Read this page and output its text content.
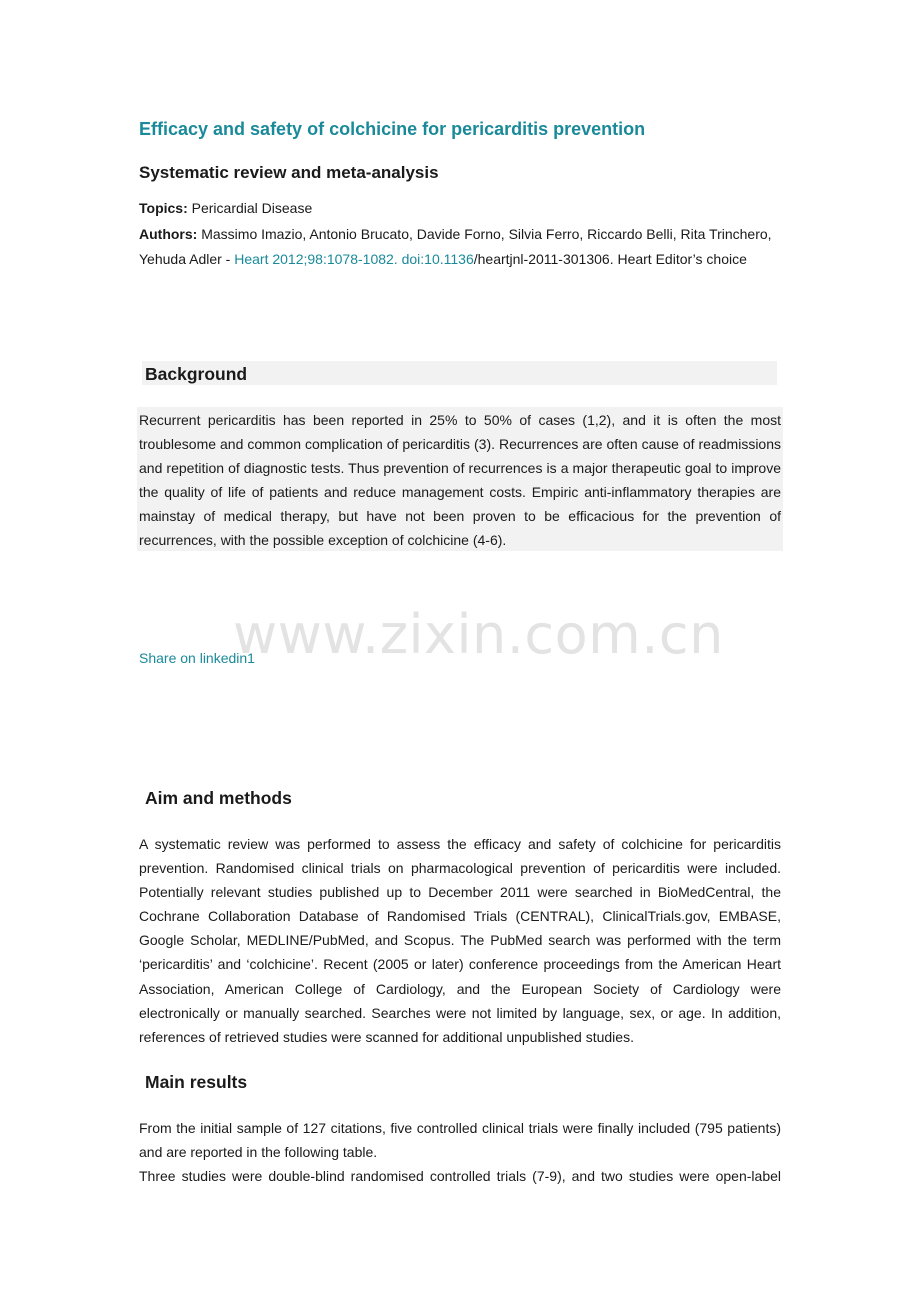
Efficacy and safety of colchicine for pericarditis prevention
Systematic review and meta-analysis
Topics: Pericardial Disease
Authors: Massimo Imazio, Antonio Brucato, Davide Forno, Silvia Ferro, Riccardo Belli, Rita Trinchero, Yehuda Adler - Heart 2012;98:1078-1082. doi:10.1136/heartjnl-2011-301306. Heart Editor’s choice
Background
Recurrent pericarditis has been reported in 25% to 50% of cases (1,2), and it is often the most troublesome and common complication of pericarditis (3). Recurrences are often cause of readmissions and repetition of diagnostic tests. Thus prevention of recurrences is a major therapeutic goal to improve the quality of life of patients and reduce management costs. Empiric anti-inflammatory therapies are mainstay of medical therapy, but have not been proven to be efficacious for the prevention of recurrences, with the possible exception of colchicine (4-6).
www.zixin.com.cn
Share on linkedin1
Aim and methods
A systematic review was performed to assess the efficacy and safety of colchicine for pericarditis prevention. Randomised clinical trials on pharmacological prevention of pericarditis were included. Potentially relevant studies published up to December 2011 were searched in BioMedCentral, the Cochrane Collaboration Database of Randomised Trials (CENTRAL), ClinicalTrials.gov, EMBASE, Google Scholar, MEDLINE/PubMed, and Scopus. The PubMed search was performed with the term ‘pericarditis’ and ‘colchicine’. Recent (2005 or later) conference proceedings from the American Heart Association, American College of Cardiology, and the European Society of Cardiology were electronically or manually searched. Searches were not limited by language, sex, or age. In addition, references of retrieved studies were scanned for additional unpublished studies.
Main results
From the initial sample of 127 citations, five controlled clinical trials were finally included (795 patients) and are reported in the following table.
Three studies were double-blind randomised controlled trials (7-9), and two studies were open-label
